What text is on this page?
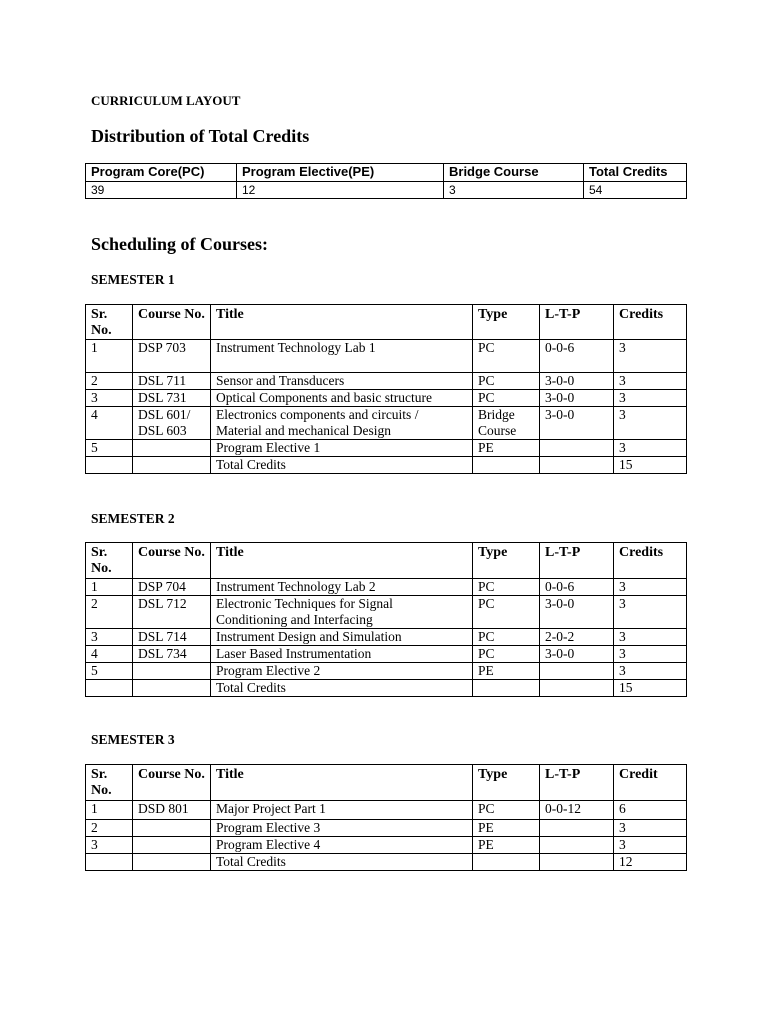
CURRICULUM LAYOUT
Distribution of Total Credits
Program Core(PC)	Program Elective(PE)	Bridge Course	Total Credits
39	12	3	54
Scheduling of Courses:
SEMESTER 1
Sr. No.	Course No.	Title	Type	L-T-P	Credits
1	DSP 703	Instrument Technology Lab 1	PC	0-0-6	3
2	DSL 711	Sensor and Transducers	PC	3-0-0	3
3	DSL 731	Optical Components and basic structure	PC	3-0-0	3
4	DSL 601/ DSL 603	Electronics components and circuits / Material and mechanical Design	Bridge Course	3-0-0	3
5		Program Elective 1	PE		3
		Total Credits			15
SEMESTER 2
Sr. No.	Course No.	Title	Type	L-T-P	Credits
1	DSP 704	Instrument Technology Lab 2	PC	0-0-6	3
2	DSL 712	Electronic Techniques for Signal Conditioning and Interfacing	PC	3-0-0	3
3	DSL 714	Instrument Design and Simulation	PC	2-0-2	3
4	DSL 734	Laser Based Instrumentation	PC	3-0-0	3
5		Program Elective 2	PE		3
		Total Credits			15
SEMESTER 3
Sr. No.	Course No.	Title	Type	L-T-P	Credit
1	DSD 801	Major Project Part 1	PC	0-0-12	6
2		Program Elective 3	PE		3
3		Program Elective 4	PE		3
		Total Credits			12
